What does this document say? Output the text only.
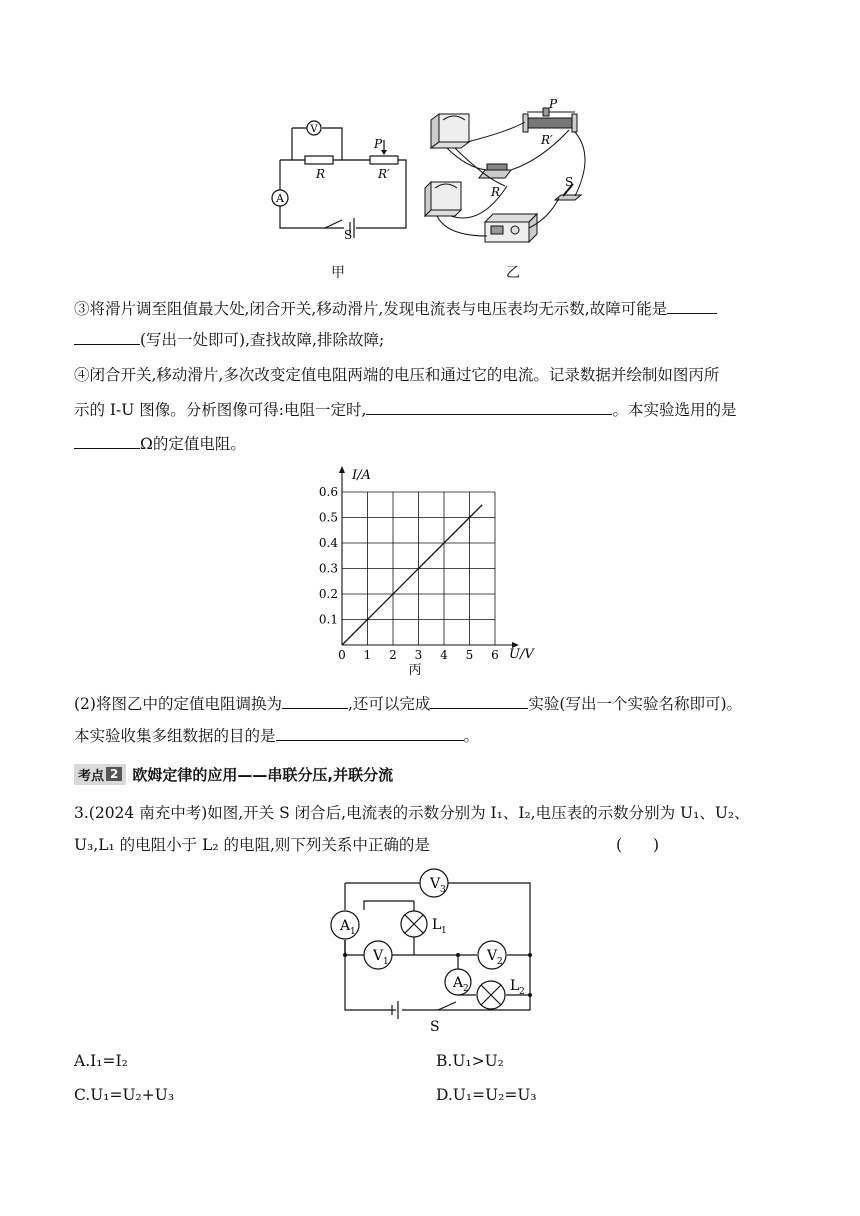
V
A
R	R′
P
S
P
R′
R
S
甲	乙
③将滑片调至阻值最大处,闭合开关,移动滑片,发现电流表与电压表均无示数,故障可能是
(写出一处即可),查找故障,排除故障;
④闭合开关,移动滑片,多次改变定值电阻两端的电压和通过它的电流。记录数据并绘制如图丙所
示的 I-U 图像。分析图像可得:电阻一定时,	。本实验选用的是
Ω的定值电阻。
0 1 2 3 4 5 6
0.1
0.2
0.3
0.4
0.5
0.6
I/A
U/V
丙
(2)将图乙中的定值电阻调换为	,还可以完成	实验(写出一个实验名称即可)。
本实验收集多组数据的目的是	。
考点 2 欧姆定律的应用——串联分压,并联分流
3.(2024 南充中考)如图,开关 S 闭合后,电流表的示数分别为 I₁、I₂,电压表的示数分别为 U₁、U₂、
U₃,L₁ 的电阻小于 L₂ 的电阻,则下列关系中正确的是	(　　)
V 3
A 1	L 1
V 1	V 2
A 2	L 2
S
A.I₁=I₂	B.U₁>U₂
C.U₁=U₂+U₃	D.U₁=U₂=U₃
